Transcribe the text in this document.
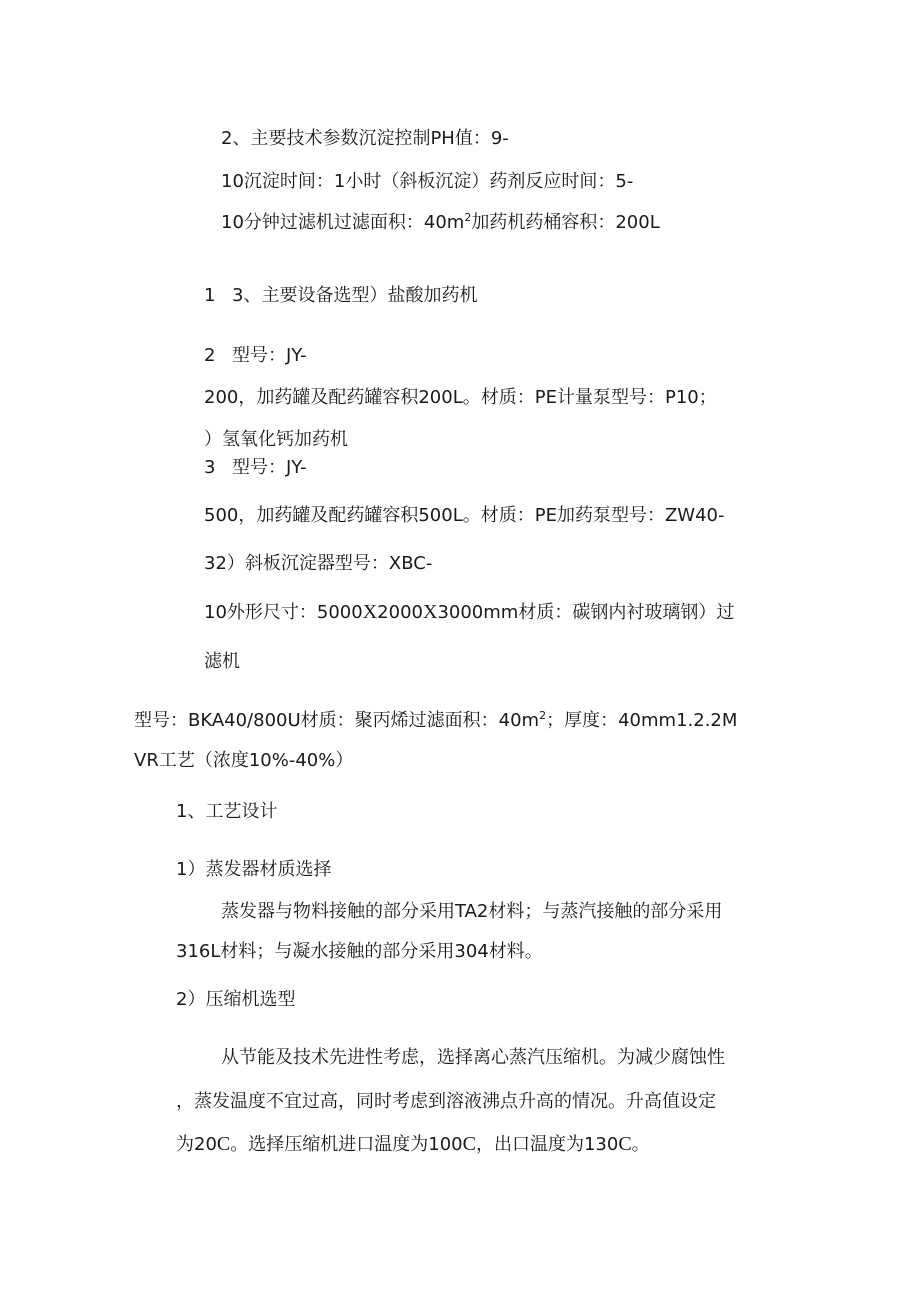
2、主要技术参数沉淀控制PH值：9-
10沉淀时间：1小时（斜板沉淀）药剂反应时间：5-
10分钟过滤机过滤面积：$40m^2$加药机药桶容积：200L
1 3、主要设备选型）盐酸加药机
2 型号：JY-
200，加药罐及配药罐容积200L。材质：PE计量泵型号：P10；
）氢氧化钙加药机
3 型号：JY-
500，加药罐及配药罐容积500L。材质：PE加药泵型号：ZW40-
32）斜板沉淀器型号：XBC-
10外形尺寸：5000X2000X3000mm材质：碳钢内衬玻璃钢）过
滤机
型号：BKA40/800U材质：聚丙烯过滤面积：$40m^2$；厚度：40mm1.2.2M
VR工艺（浓度10%-40%）
1、工艺设计
1）蒸发器材质选择
蒸发器与物料接触的部分采用TA2材料；与蒸汽接触的部分采用
316L材料；与凝水接触的部分采用304材料。
2）压缩机选型
从节能及技术先进性考虑，选择离心蒸汽压缩机。为减少腐蚀性
，蒸发温度不宜过高，同时考虑到溶液沸点升高的情况。升高值设定
为20C。选择压缩机进口温度为100C，出口温度为130C。
